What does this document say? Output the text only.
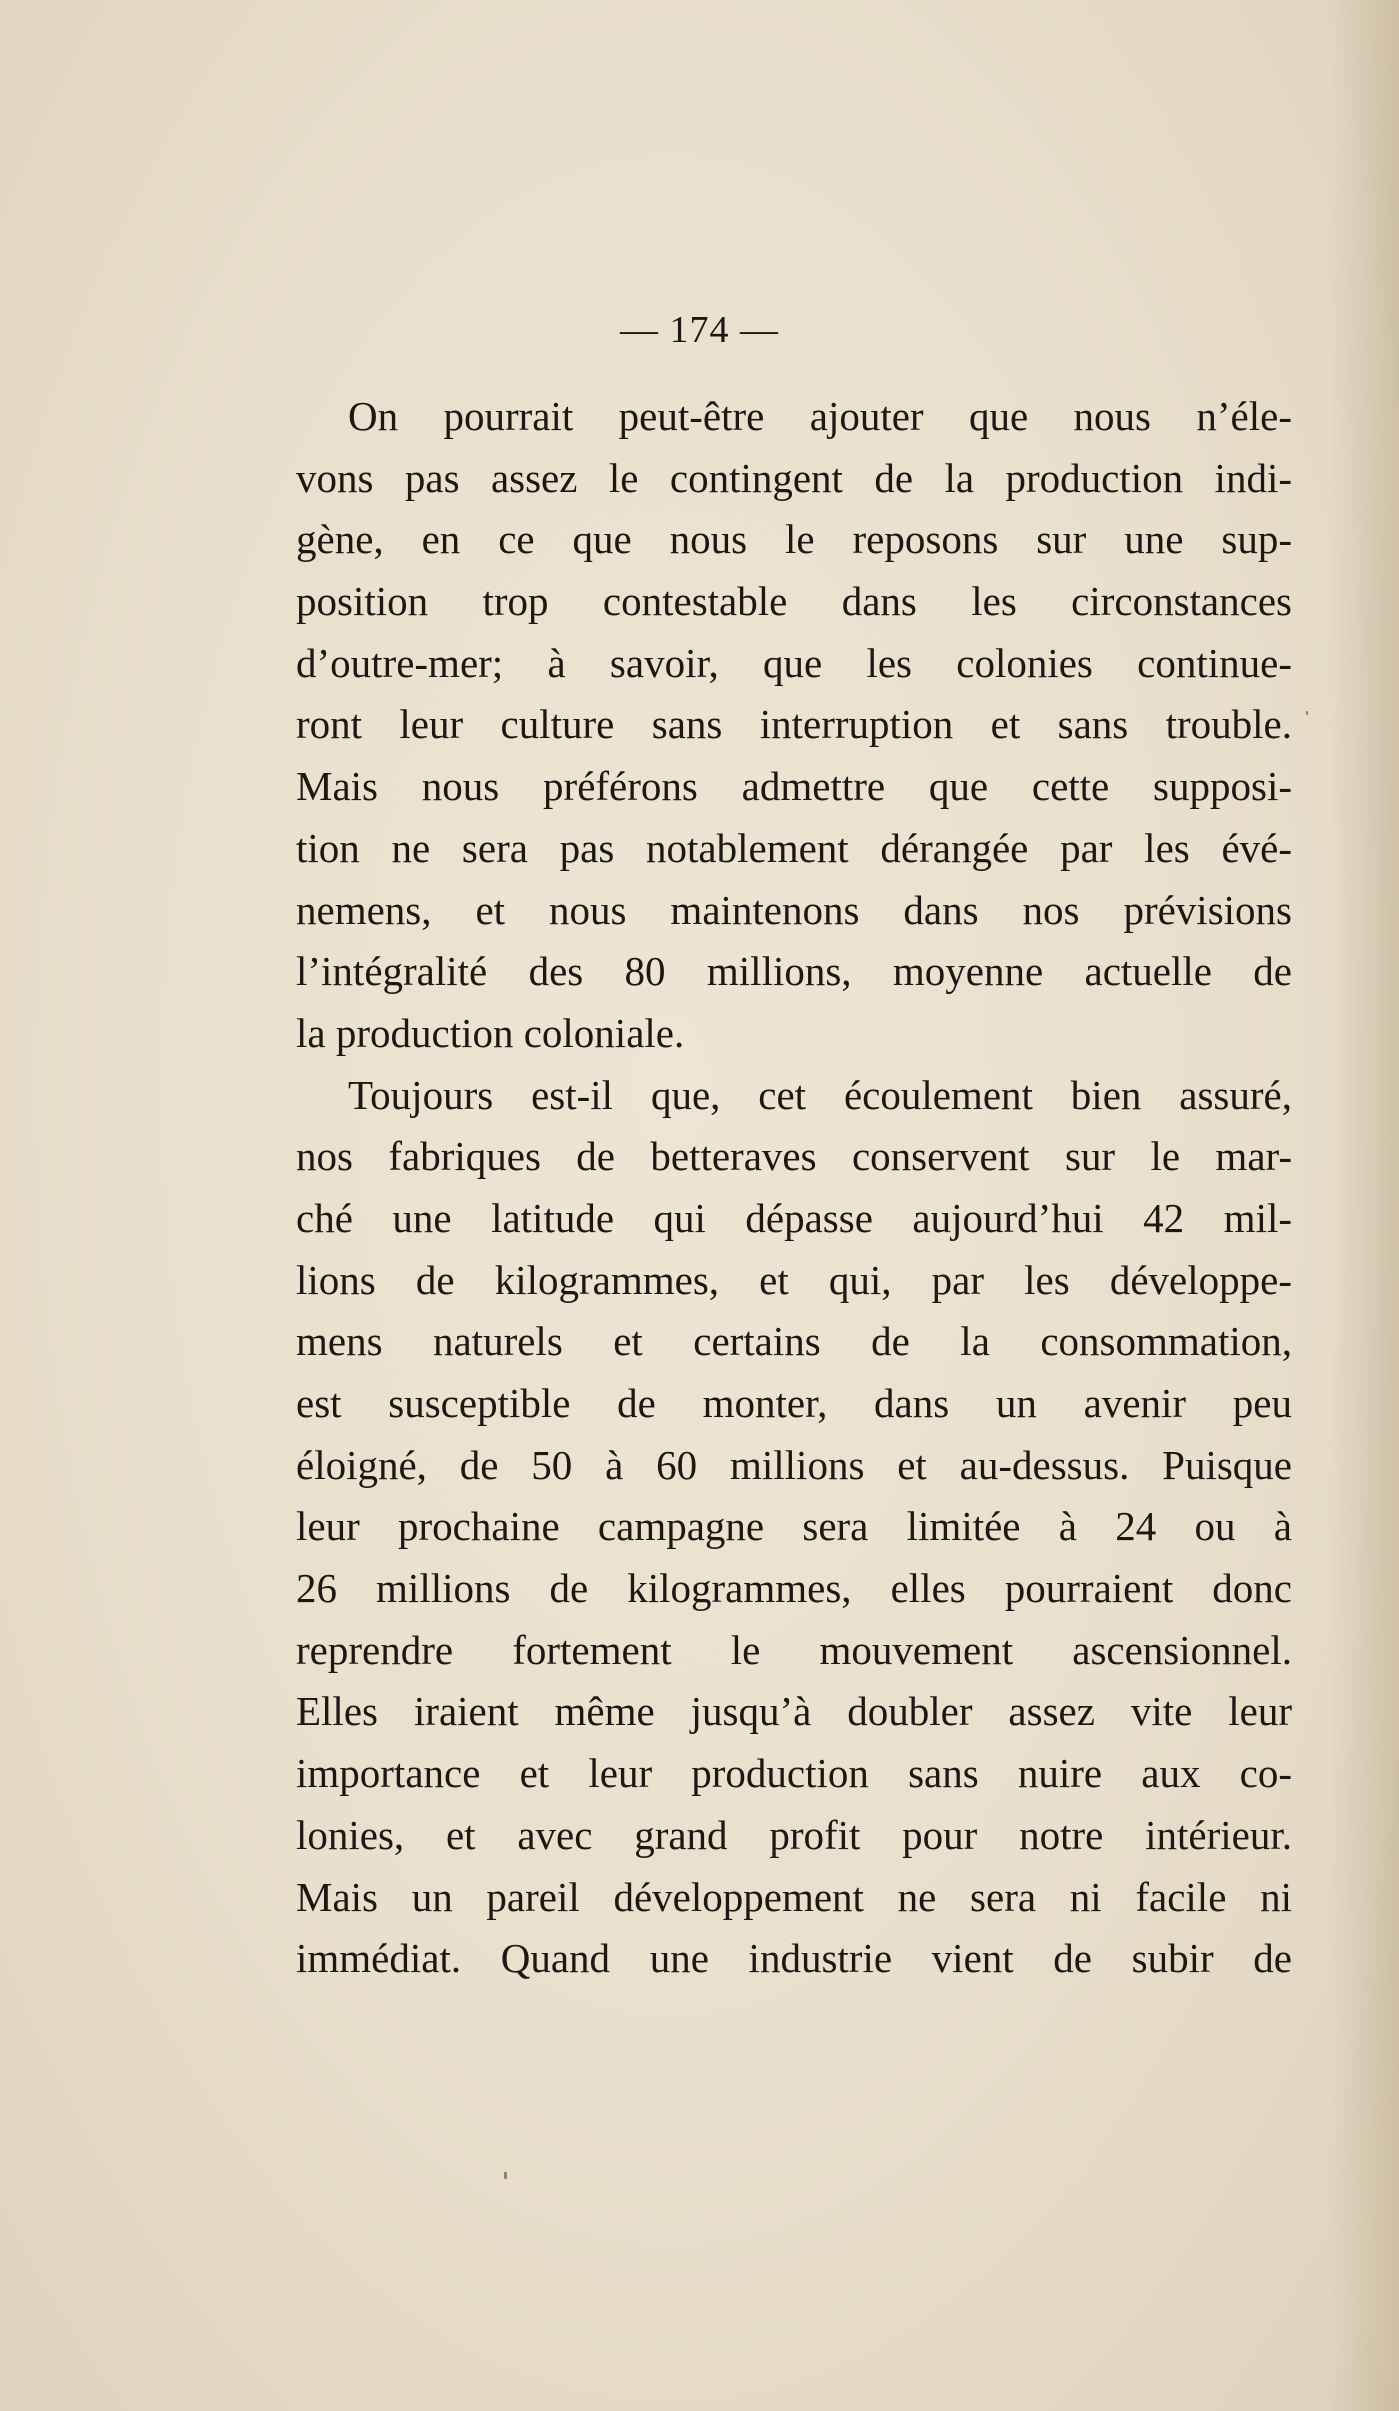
— 174 —
On pourrait peut-être ajouter que nous n’éle-
vons pas assez le contingent de la production indi-
gène, en ce que nous le reposons sur une sup-
position trop contestable dans les circonstances
d’outre-mer; à savoir, que les colonies continue-
ront leur culture sans interruption et sans trouble.
Mais nous préférons admettre que cette supposi-
tion ne sera pas notablement dérangée par les évé-
nemens, et nous maintenons dans nos prévisions
l’intégralité des 80 millions, moyenne actuelle de
la production coloniale.
Toujours est-il que, cet écoulement bien assuré,
nos fabriques de betteraves conservent sur le mar-
ché une latitude qui dépasse aujourd’hui 42 mil-
lions de kilogrammes, et qui, par les développe-
mens naturels et certains de la consommation,
est susceptible de monter, dans un avenir peu
éloigné, de 50 à 60 millions et au-dessus. Puisque
leur prochaine campagne sera limitée à 24 ou à
26 millions de kilogrammes, elles pourraient donc
reprendre fortement le mouvement ascensionnel.
Elles iraient même jusqu’à doubler assez vite leur
importance et leur production sans nuire aux co-
lonies, et avec grand profit pour notre intérieur.
Mais un pareil développement ne sera ni facile ni
immédiat. Quand une industrie vient de subir de
